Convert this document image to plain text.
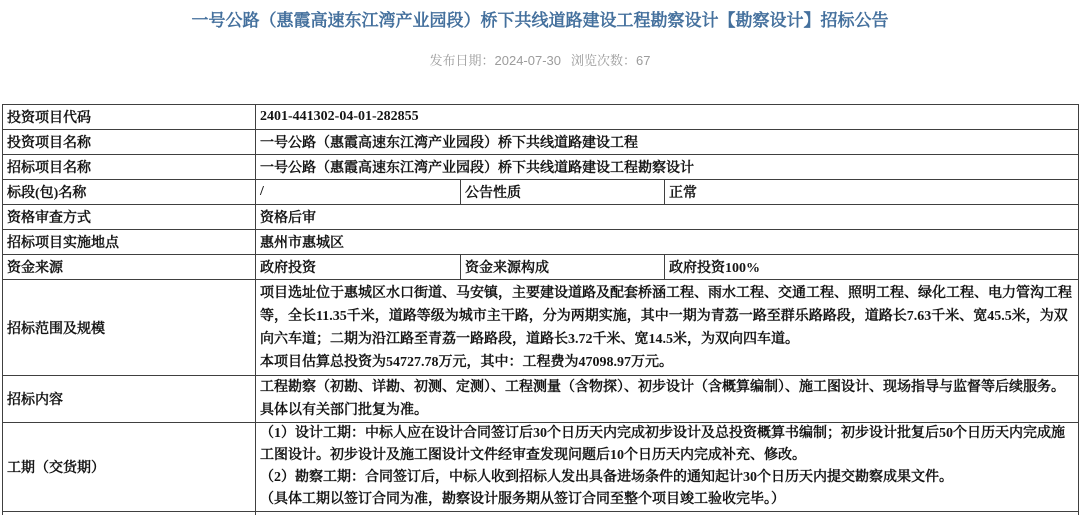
一号公路（惠霞高速东江湾产业园段）桥下共线道路建设工程勘察设计【勘察设计】招标公告
发布日期：2024-07-30 浏览次数：67
投资项目代码	2401-441302-04-01-282855		
投资项目名称	一号公路（惠霞高速东江湾产业园段）桥下共线道路建设工程		
招标项目名称	一号公路（惠霞高速东江湾产业园段）桥下共线道路建设工程勘察设计		
标段(包)名称	/	公告性质	正常
资格审查方式	资格后审		
招标项目实施地点	惠州市惠城区		
资金来源	政府投资	资金来源构成	政府投资100%
招标范围及规模	项目选址位于惠城区水口街道、马安镇，主要建设道路及配套桥涵工程、雨水工程、交通工程、照明工程、绿化工程、电力管沟工程等，全长11.35千米，道路等级为城市主干路，分为两期实施，其中一期为青荔一路至群乐路路段，道路长7.63千米、宽45.5米，为双向六车道；二期为沿江路至青荔一路路段，道路长3.72千米、宽14.5米，为双向四车道。
本项目估算总投资为54727.78万元，其中：工程费为47098.97万元。		

招标内容	工程勘察（初勘、详勘、初测、定测）、工程测量（含物探）、初步设计（含概算编制）、施工图设计、现场指导与监督等后续服务。
具体以有关部门批复为准。		

工期（交货期）	（1）设计工期：中标人应在设计合同签订后30个日历天内完成初步设计及总投资概算书编制；初步设计批复后50个日历天内完成施工图设计。初步设计及施工图设计文件经审查发现问题后10个日历天内完成补充、修改。
（2）勘察工期：合同签订后，中标人收到招标人发出具备进场条件的通知起计30个日历天内提交勘察成果文件。
（具体工期以签订合同为准，勘察设计服务期从签订合同至整个项目竣工验收完毕。）		
